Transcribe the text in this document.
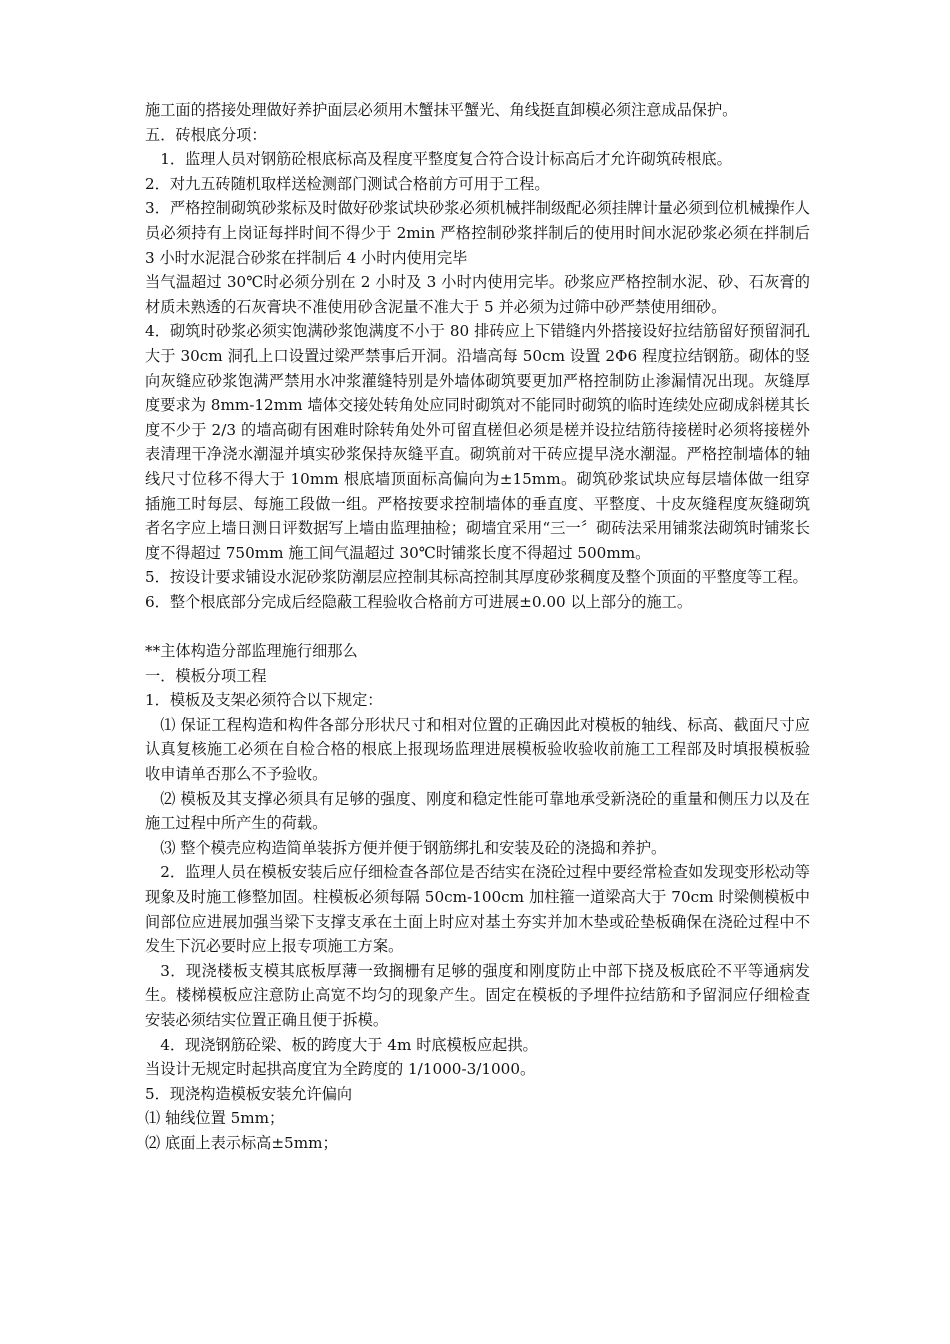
施工面的搭接处理做好养护面层必须用木蟹抹平蟹光、角线挺直卸模必须注意成品保护。

五．砖根底分项：

1．监理人员对钢筋砼根底标高及程度平整度复合符合设计标高后才允许砌筑砖根底。

2．对九五砖随机取样送检测部门测试合格前方可用于工程。

3．严格控制砌筑砂浆标及时做好砂浆试块砂浆必须机械拌制级配必须挂牌计量必须到位机械操作人员必须持有上岗证每拌时间不得少于 2min 严格控制砂浆拌制后的使用时间水泥砂浆必须在拌制后 3 小时水泥混合砂浆在拌制后 4 小时内使用完毕

当气温超过 30℃时必须分别在 2 小时及 3 小时内使用完毕。砂浆应严格控制水泥、砂、石灰膏的材质未熟透的石灰膏块不准使用砂含泥量不准大于 5 并必须为过筛中砂严禁使用细砂。

4．砌筑时砂浆必须实饱满砂浆饱满度不小于 80 排砖应上下错缝内外搭接设好拉结筋留好预留洞孔大于 30cm 洞孔上口设置过梁严禁事后开洞。沿墙高每 50cm 设置 2Φ6 程度拉结钢筋。砌体的竖向灰缝应砂浆饱满严禁用水冲浆灌缝特别是外墙体砌筑要更加严格控制防止渗漏情况出现。灰缝厚度要求为 8mm-12mm 墙体交接处转角处应同时砌筑对不能同时砌筑的临时连续处应砌成斜槎其长度不少于 2/3 的墙高砌有困难时除转角处外可留直槎但必须是槎并设拉结筋待接槎时必须将接槎外表清理干净浇水潮湿并填实砂浆保持灰缝平直。砌筑前对干砖应提早浇水潮湿。严格控制墙体的轴线尺寸位移不得大于 10mm 根底墙顶面标高偏向为±15mm。砌筑砂浆试块应每层墙体做一组穿插施工时每层、每施工段做一组。严格按要求控制墙体的垂直度、平整度、十皮灰缝程度灰缝砌筑者名字应上墙日测日评数据写上墙由监理抽检；砌墙宜采用“三一〞砌砖法采用铺浆法砌筑时铺浆长度不得超过 750mm 施工间气温超过 30℃时铺浆长度不得超过 500mm。

5．按设计要求铺设水泥砂浆防潮层应控制其标高控制其厚度砂浆稠度及整个顶面的平整度等工程。

6．整个根底部分完成后经隐蔽工程验收合格前方可进展±0.00 以上部分的施工。

**主体构造分部监理施行细那么

一．模板分项工程

1．模板及支架必须符合以下规定：

⑴ 保证工程构造和构件各部分形状尺寸和相对位置的正确因此对模板的轴线、标高、截面尺寸应认真复核施工必须在自检合格的根底上报现场监理进展模板验收验收前施工工程部及时填报模板验收申请单否那么不予验收。

⑵ 模板及其支撑必须具有足够的强度、刚度和稳定性能可靠地承受新浇砼的重量和侧压力以及在施工过程中所产生的荷载。

⑶ 整个模壳应构造简单装拆方便并便于钢筋绑扎和安装及砼的浇捣和养护。

2．监理人员在模板安装后应仔细检查各部位是否结实在浇砼过程中要经常检查如发现变形松动等现象及时施工修整加固。柱模板必须每隔 50cm-100cm 加柱箍一道梁高大于 70cm 时梁侧模板中间部位应进展加强当梁下支撑支承在土面上时应对基土夯实并加木垫或砼垫板确保在浇砼过程中不发生下沉必要时应上报专项施工方案。

3．现浇楼板支模其底板厚薄一致搁栅有足够的强度和刚度防止中部下挠及板底砼不平等通病发生。楼梯模板应注意防止高宽不均匀的现象产生。固定在模板的予埋件拉结筋和予留洞应仔细检查安装必须结实位置正确且便于拆模。

4．现浇钢筋砼梁、板的跨度大于 4m 时底模板应起拱。

当设计无规定时起拱高度宜为全跨度的 1/1000-3/1000。

5．现浇构造模板安装允许偏向

⑴ 轴线位置 5mm；

⑵ 底面上表示标高±5mm；
